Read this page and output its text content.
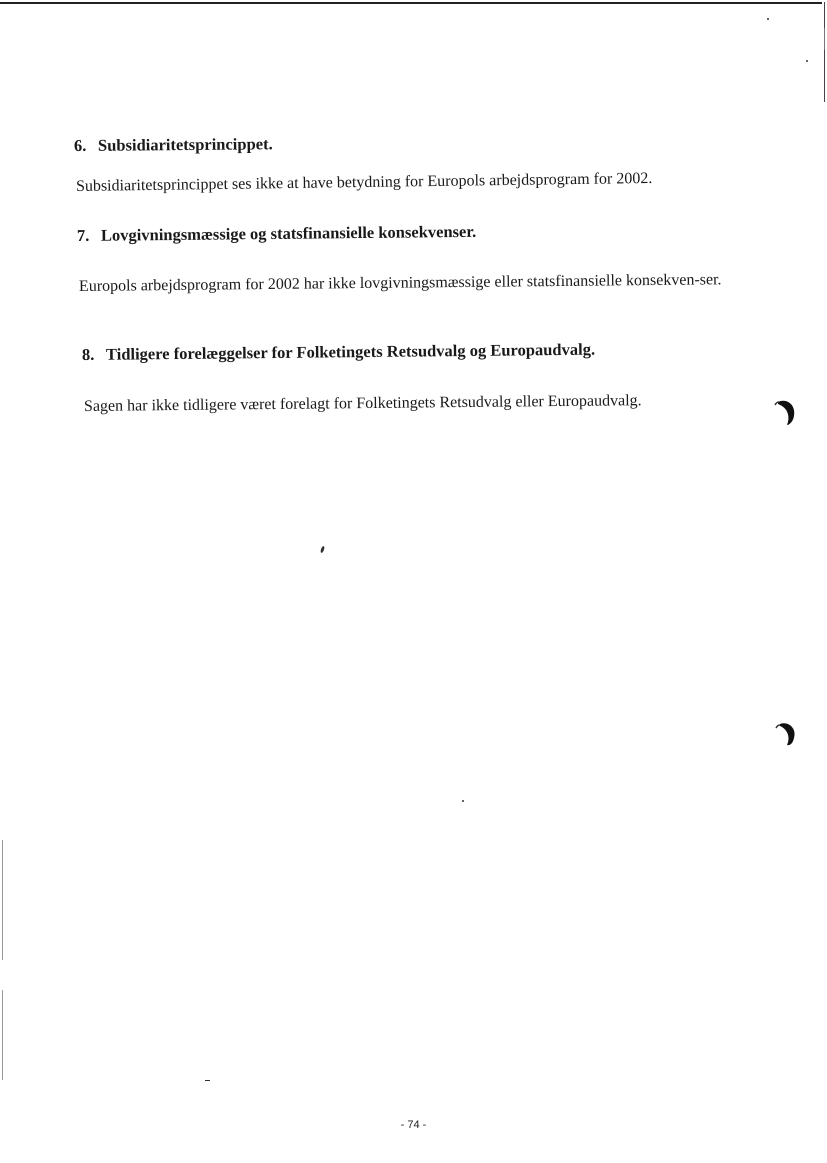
6. Subsidiaritetsprincippet.

Subsidiaritetsprincippet ses ikke at have betydning for Europols arbejdsprogram for 2002.

7. Lovgivningsmæssige og statsfinansielle konsekvenser.

Europols arbejdsprogram for 2002 har ikke lovgivningsmæssige eller statsfinansielle konsekven-ser.

8. Tidligere forelæggelser for Folketingets Retsudvalg og Europaudvalg.

Sagen har ikke tidligere været forelagt for Folketingets Retsudvalg eller Europaudvalg.

- 74 -
